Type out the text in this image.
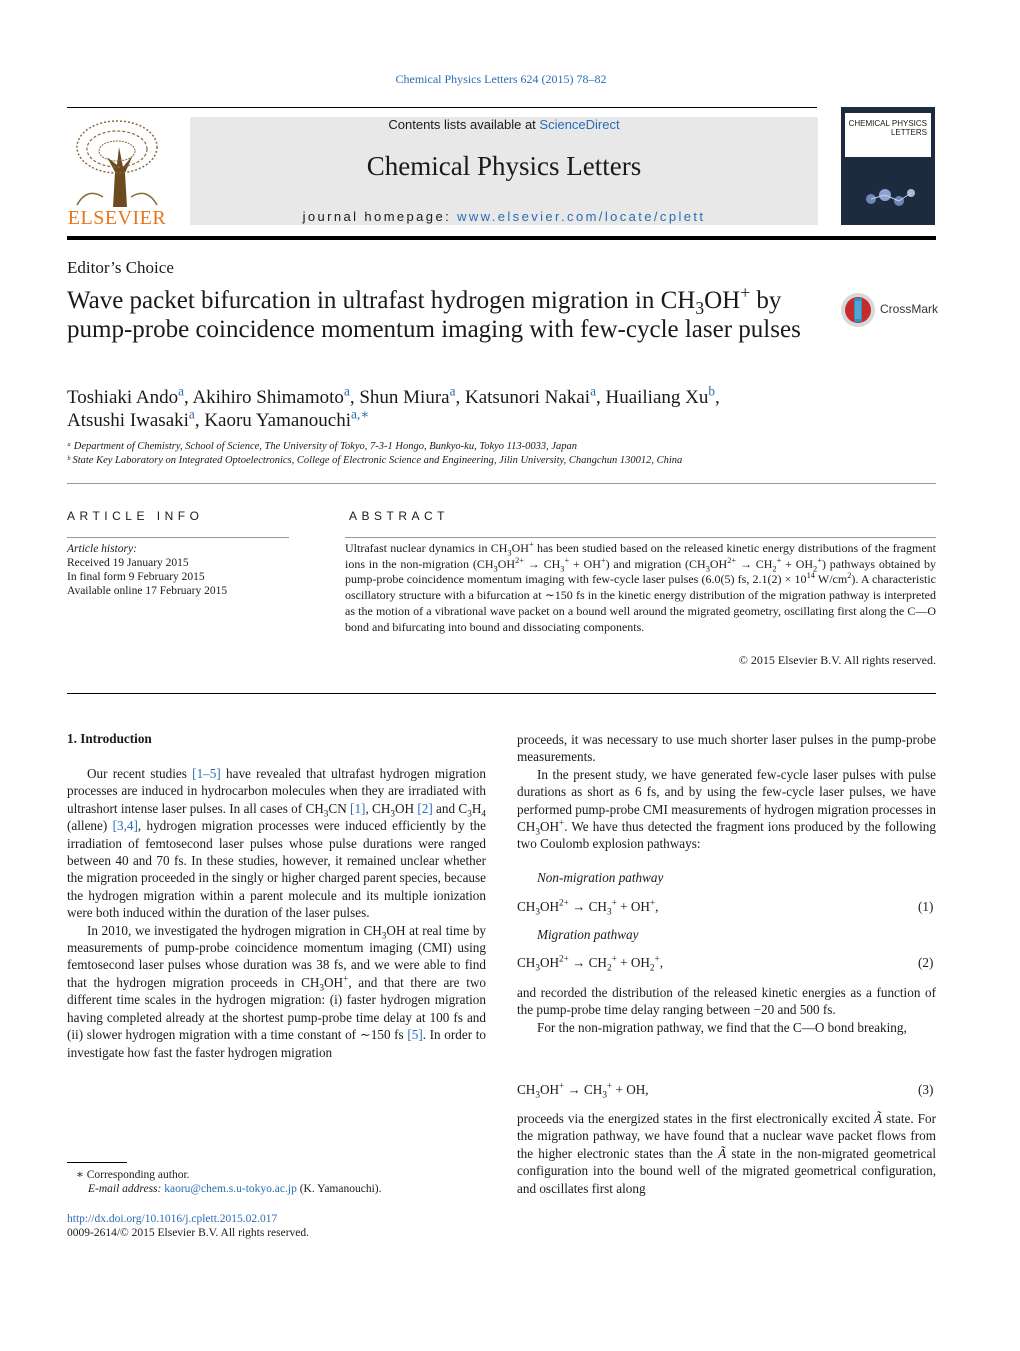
Chemical Physics Letters 624 (2015) 78–82
ELSEVIER
Contents lists available at ScienceDirect
Chemical Physics Letters
journal homepage: www.elsevier.com/locate/cplett
CHEMICAL PHYSICS LETTERS
Editor’s Choice
Wave packet bifurcation in ultrafast hydrogen migration in $CH_3OH^+$ by pump-probe coincidence momentum imaging with few-cycle laser pulses
CrossMark
Toshiaki Ando$^a$, Akihiro Shimamoto$^a$, Shun Miura$^a$, Katsunori Nakai$^a$, Huailiang Xu$^b$,
Atsushi Iwasaki$^a$, Kaoru Yamanouchi$^{a,∗}$
ᵃ Department of Chemistry, School of Science, The University of Tokyo, 7-3-1 Hongo, Bunkyo-ku, Tokyo 113-0033, Japan
ᵇ State Key Laboratory on Integrated Optoelectronics, College of Electronic Science and Engineering, Jilin University, Changchun 130012, China
ARTICLE INFO
Article history:
Received 19 January 2015
In final form 9 February 2015
Available online 17 February 2015
ABSTRACT
Ultrafast nuclear dynamics in $CH_3OH^+$ has been studied based on the released kinetic energy distributions of the fragment ions in the non-migration $(CH_3OH^{2+} \to CH_3^+ + OH^+)$ and migration $(CH_3OH^{2+} \to CH_2^+ + OH_2^+)$ pathways obtained by pump-probe coincidence momentum imaging with few-cycle laser pulses (6.0(5) fs, $2.1(2) \times 10^{14}$ $W/cm^2$). A characteristic oscillatory structure with a bifurcation at ∼150 fs in the kinetic energy distribution of the migration pathway is interpreted as the motion of a vibrational wave packet on a bound well around the migrated geometry, oscillating first along the C—O bond and bifurcating into bound and dissociating components.
© 2015 Elsevier B.V. All rights reserved.
1. Introduction

Our recent studies [1–5] have revealed that ultrafast hydrogen migration processes are induced in hydrocarbon molecules when they are irradiated with ultrashort intense laser pulses. In all cases of $CH_3CN$ [1], $CH_3OH$ [2] and $C_3H_4$ (allene) [3,4], hydrogen migration processes were induced efficiently by the irradiation of femtosecond laser pulses whose pulse durations were ranged between 40 and 70 fs. In these studies, however, it remained unclear whether the migration proceeded in the singly or higher charged parent species, because the hydrogen migration within a parent molecule and its multiple ionization were both induced within the duration of the laser pulses.

In 2010, we investigated the hydrogen migration in $CH_3OH$ at real time by measurements of pump-probe coincidence momentum imaging (CMI) using femtosecond laser pulses whose duration was 38 fs, and we were able to find that the hydrogen migration proceeds in $CH_3OH^+$, and that there are two different time scales in the hydrogen migration: (i) faster hydrogen migration having completed already at the shortest pump-probe time delay at 100 fs and (ii) slower hydrogen migration with a time constant of ∼150 fs [5]. In order to investigate how fast the faster hydrogen migration

∗ Corresponding author.
E-mail address: kaoru@chem.s.u-tokyo.ac.jp (K. Yamanouchi).
http://dx.doi.org/10.1016/j.cplett.2015.02.017
0009-2614/© 2015 Elsevier B.V. All rights reserved.

proceeds, it was necessary to use much shorter laser pulses in the pump-probe measurements.

In the present study, we have generated few-cycle laser pulses with pulse durations as short as 6 fs, and by using the few-cycle laser pulses, we have performed pump-probe CMI measurements of hydrogen migration processes in $CH_3OH^+$. We have thus detected the fragment ions produced by the following two Coulomb explosion pathways:

Non-migration pathway
$CH_3OH^{2+} \to CH_3^+ + OH^+$,	(1)
Migration pathway
$CH_3OH^{2+} \to CH_2^+ + OH_2^+$,	(2)

and recorded the distribution of the released kinetic energies as a function of the pump-probe time delay ranging between −20 and 500 fs.

For the non-migration pathway, we find that the C—O bond breaking,

$CH_3OH^+ \to CH_3^+$ + OH,	(3)

proceeds via the energized states in the first electronically excited Ã state. For the migration pathway, we have found that a nuclear wave packet flows from the higher electronic states than the Ã state in the non-migrated geometrical configuration into the bound well of the migrated geometrical configuration, and oscillates first along
